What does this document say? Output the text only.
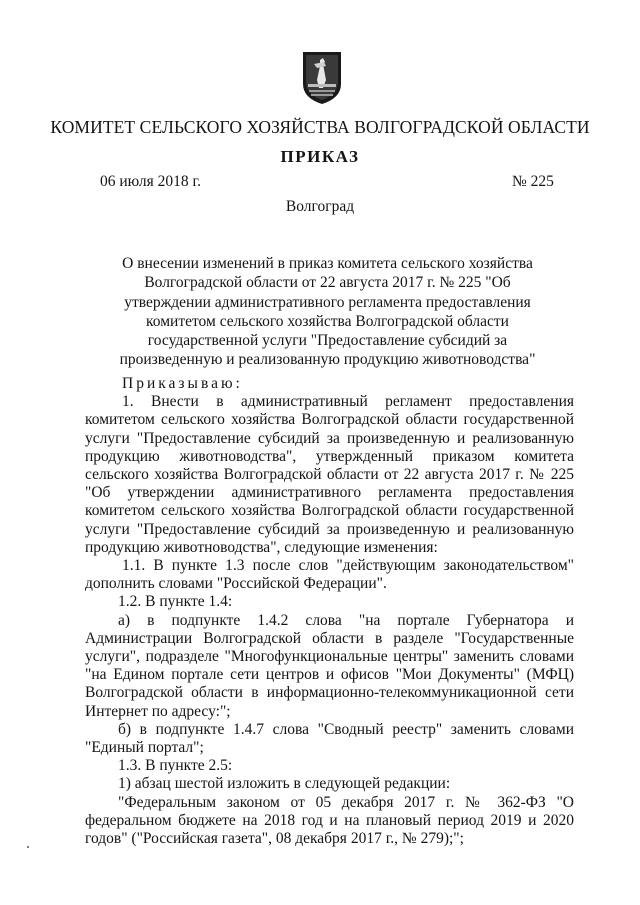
КОМИТЕТ СЕЛЬСКОГО ХОЗЯЙСТВА ВОЛГОГРАДСКОЙ ОБЛАСТИ
ПРИКАЗ
06 июля 2018 г.	№ 225
Волгоград
О внесении изменений в приказ комитета сельского хозяйства Волгоградской области от 22 августа 2017 г. № 225 "Об утверждении административного регламента предоставления комитетом сельского хозяйства Волгоградской области государственной услуги "Предоставление субсидий за произведенную и реализованную продукцию животноводства"

Приказываю:

1. Внести в административный регламент предоставления комитетом сельского хозяйства Волгоградской области государственной услуги "Предоставление субсидий за произведенную и реализованную продукцию животноводства", утвержденный приказом комитета сельского хозяйства Волгоградской области от 22 августа 2017 г. № 225 "Об утверждении административного регламента предоставления комитетом сельского хозяйства Волгоградской области государственной услуги "Предоставление субсидий за произведенную и реализованную продукцию животноводства", следующие изменения:

1.1. В пункте 1.3 после слов "действующим законодательством" дополнить словами "Российской Федерации".

1.2. В пункте 1.4:

а) в подпункте 1.4.2 слова "на портале Губернатора и Администрации Волгоградской области в разделе "Государственные услуги", подразделе "Многофункциональные центры" заменить словами "на Едином портале сети центров и офисов "Мои Документы" (МФЦ) Волгоградской области в информационно-телекоммуникационной сети Интернет по адресу:";

б) в подпункте 1.4.7 слова "Сводный реестр" заменить словами "Единый портал";

1.3. В пункте 2.5:

1) абзац шестой изложить в следующей редакции:

"Федеральным законом от 05 декабря 2017 г. № 362-ФЗ "О федеральном бюджете на 2018 год и на плановый период 2019 и 2020 годов" ("Российская газета", 08 декабря 2017 г., № 279);";
